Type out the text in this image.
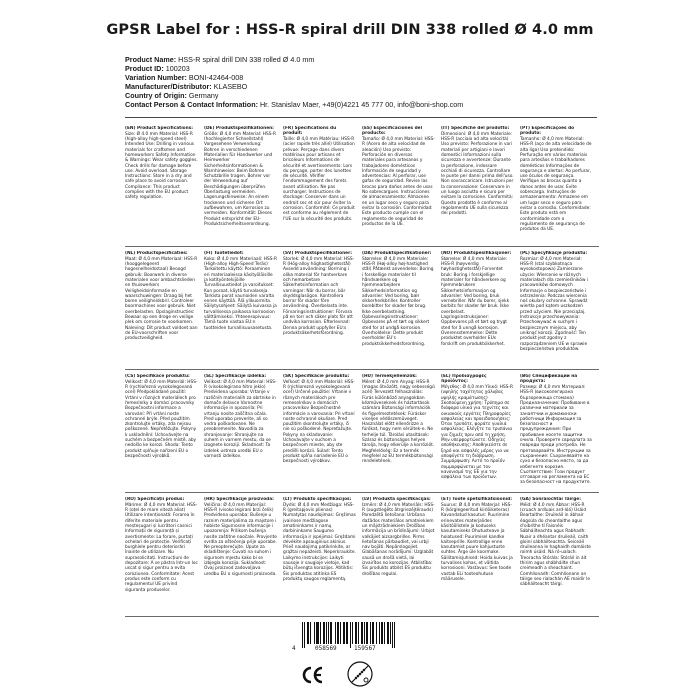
GPSR Label for : HSS-R spiral drill DIN 338 rolled Ø 4.0 mm
Product Name: HSS-R spiral drill DIN 338 rolled Ø 4.0 mm
Product ID: 100203
Variation Number: BONI-42464-008
Manufacturer/Distributor: KLASEBO
Country of Origin: Germany
Contact Person & Contact Information: Hr. Stanislav Maer, +49(0)4221 45 777 00, info@boni-shop.com
(EN) Product Specifications:
Size: Ø 4.0 mm Material: HSS-R (high-alloy high-speed steel) Intended Use: Drilling in various materials for craftsmen and homeworkers Safety Information & Warnings: Wear safety goggles. Check drills for damage before use. Avoid overload. Storage Instructions: Store in a dry and safe place to avoid corrosion. Compliance: This product complies with the EU product safety regulation.
(DE) Produktspezifikationen:
Größe: Ø 4,0 mm Material: HSS-R (hochlegierter Schnellstahl) Vorgesehene Verwendung: Bohren in verschiedenen Materialien für Handwerker und Heimwerker Sicherheitsinformationen & Warnhinweise: Beim Bohren Schutzbrille tragen. Bohrer vor der Verwendung auf Beschädigungen überprüfen. Überlastung vermeiden. Lagerungshinweise: An einem trockenen und sicheren Ort aufbewahren, um Korrosion zu vermeiden. Konformität: Dieses Produkt entspricht der EU-Produktsicherheitsverordnung.
(FR) Spécifications du produit:
Taille: Ø 4,0 mm Matériau: HSS-R (acier rapide très allié) Utilisation prévue: Perçage dans divers matériaux pour artisans et bricoleurs Informations de sécurité et avertissements: Lors du perçage, porter des lunettes de sécurité. Vérifier l'endommagement des forets avant utilisation. Ne pas surcharger. Instructions de stockage: Conserver dans un endroit sec et sûr pour éviter la corrosion. Conformité: Ce produit est conforme au règlement de l'UE sur la sécurité des produits.
(ES) Especificaciones del producto:
Tamaño: Ø 4,0 mm Material: HSS-R (Acero de alta velocidad de aleación) Uso previsto: Perforación en diversos materiales para artesanos y trabajadores domésticos Información de seguridad y advertencias: Al perforar, use gafas de seguridad. Revise las brocas para daños antes de usar. No sobrecargues. Instrucciones de almacenamiento: Almacene en un lugar seco y seguro para evitar la corrosión. Conformidad: Este producto cumple con el reglamento de seguridad de productos de la UE.
(IT) Specifiche del prodotto:
Dimensioni: Ø 4,0 mm Materiale: HSS-R (acciaio ad alta velocità) Uso previsto: Perforazione in vari materiali per artigiani e lavori domestici Informazioni sulla sicurezza e avvertenze: Durante la perforazione, indossare occhiali di sicurezza. Controllare le punte per danni prima dell'uso. Non sovraccaricare. Istruzioni per la conservazione: Conservare in un luogo asciutto e sicuro per evitare la corrosione. Conformità: Questo prodotto è conforme al regolamento UE sulla sicurezza dei prodotti.
(PT) Especificações do produto:
Tamanho: Ø 4,0 mm Material: HSS-R (aço de alta velocidade de alta liga) Uso pretendido: Perfuração em vários materiais para artesãos e trabalhadores domésticos Informações de segurança e alertas: Ao perfurar, use óculos de segurança. Verifique as brocas quanto a danos antes de usar. Evite sobrecarga. Instruções de armazenamento: Armazene em um lugar seco e seguro para evitar a corrosão. Conformidade: Este produto está em conformidade com o regulamento de segurança de produtos da UE.
(NL) Productspecificaties:
Maat: Ø 4,0 mm Materiaal: HSS-R (hooggelegeerd hogesnelheidsstaal) Beoogd gebruik: Boorwerk in diverse materialen voor ambachtslieden en thuiswerkers Veiligheidsinformatie en waarschuwingen: Draag bij het boren veiligheidsbril. Controleer boormachines voor gebruik. Niet overbelasten. Opslaginstructies: Bewaar op een droge en veilige plek om corrosie te voorkomen. Naleving: Dit product voldoet aan de EU-voorschriften voor productveiligheid.
(FI) Tuotetiedot:
Koko: Ø 4,0 mm Materiaali: HSS-R (High-alloy High-Speed Teräs) Tarkoitettu käyttö: Poraaminen eri materiaaleissa käsityöläisille ja kotityöntekijöille Turvallisuustiedot ja varoitukset: Kun poraat, käytä turvalaseja. Tarkista porat vaurioiden varalta ennen käyttöä. Älä ylikuormita. Säilytysohjeet: Säilytä kuivassa ja turvallisessa paikassa korroosion välttämiseksi. Yhteensopivuus: Tämä tuote vastaa EU:n tuotteiden turvallisuusasetusta.
(SV) Produktspecifikationer:
Storlek: Ø 4,0 mm Material: HSS-R (Hög-alloy höghastighetsstål) Avsedd användning: Borrning i olika material för hantverkare och hemarbetare Säkerhetsinformation och varningar: När du borrar, bär skyddsglasögon. Kontrollera borrar för skador före användning. Överbelasta inte. Förvaringsinstruktioner: Förvara på en torr och säker plats för att undvika korrosion. Efterlevnad: Denna produkt uppfyller EU:s produktsäkerhetsförordning.
(DA) Produktspecifikationer:
Størrelse: Ø 4,0 mm Materiale: HSS-R (Høj-alloy høj-hastighed stål) Påtænkt anvendelse: Boring i forskellige materialer til håndværkere og hjemmearbejdere Sikkerhedsinformation og advarsler: Ved boring, bær sikkerhedsbriller. Kontroller borebitter for skader før brug. Ikke overbelastning. Opbevaringsinstruktioner: Opbevares på et tørt og sikkert sted for at undgå korrosion. Overholdelse: Dette produkt overholder EU's produktsikkerhedsforordning.
(NO) Produktspesifikasjoner:
Størrelse: Ø 4,0 mm Materiale: HSS-R (høyverdig høyhastighetsstål) Forventet bruk: Boring i forskjellige materialer for håndverkere og hjemmebrukere Sikkerhetsinformasjon og advarsler: Ved boring, bruk vernebriller. Når du borer, sjekk borbits for skader før bruk. Ikke overbelast. Lagringsinstruksjoner: Oppbevares på et tørt og trygt sted for å unngå korrosjon. Overensstemmelse: Dette produktet overholder EUs forskrift om produktsikkerhet.
(PL) Specyfikacje produktu:
Rozmiar: Ø 4,0 mm Materiał: HSS-R (stal szybkotnąca wysokostopowa) Zamierzone użycie: Wiercenie w różnych materiałach dla rzemieślników i pracowników domowych Informacje o bezpieczeństwie i ostrzeżenia: Podczas wiercenia noś okulary ochronne. Sprawdź wiertła pod kątem uszkodzeń przed użyciem. Nie przeciążaj. Instrukcje przechowywania: Przechowywać w suchym i bezpiecznym miejscu, aby uniknąć korozji. Zgodność: Ten produkt jest zgodny z rozporządzeniem UE w sprawie bezpieczeństwa produktów.
(CS) Specifikace produktu:
Velikost: Ø 4,0 mm Materiál: HSS-R (rychlořezná vysokolegovaná ocel) Předpokládané použití: Vrtání v různých materiálech pro řemeslníky a domácí pracovníky Bezpečnostní informace a varování: Při vrtání noste ochranné brýle. Před použitím zkontrolujte vrtáky, zda nejsou poškozené. Nepřetěžujte. Pokyny k uskladnění: Uchovávejte na suchém a bezpečném místě, aby nedošlo ke korozi. Shoda: Tento produkt splňuje nařízení EU o bezpečnosti výrobků.
(SL) Specifikacije izdelka:
Velikost: Ø 4,0 mm Material: HSS-R (visokolegirano hitro jeklo) Predvidena uporaba: Vrtanje v različnih materialih za obrtnike in domače delavce Varnostne informacije in opozorila: Pri vrtanju nosite zaščitna očala. Pred uporabo preverite, ali so vedra poškodovane. Ne preobremenite. Navodila za shranjevanje: Shranjujte na suhem in varnem mestu, da se izognete koroziji. Skladnost: Ta izdelek ustreza uredbi EU o varnosti izdelkov.
(SK) Špecifikácie produktu:
Veľkosť: Ø 4,0 mm Materiál: HSS-R (rýchlorezná vysokolegovaná oceľ) Určené použitie: Vŕtanie v rôznych materiáloch pre remeselníkov a domácich pracovníkov Bezpečnostné informácie a varovania: Pri vŕtaní noste ochranné okuliare. Pred použitím skontrolujte vrtáky, či nie sú poškodené. Nepreťažujte. Pokyny na skladovanie: Uchovávajte v suchom a bezpečnom mieste, aby ste predišli korózii. Súlad: Tento produkt spĺňa nariadenie EÚ o bezpečnosti výrobkov.
(HU) Termékjellemzők:
Méret: Ø 4,0 mm Anyag: HSS-R (magas ötvözött, nagy sebességű acél) Tervezett felhasználás: Fúrás különböző anyagokban kézműveseknek és háztartások számára Biztonsági információk és figyelmeztetések: Fúráskor viseljen védőszemüveget. Használat előtt ellenőrizze a fúrókat, hogy nem sérültek-e. Ne terhelje túl. Tárolási utasítások: Száraz és biztonságos helyen tárolja, hogy elkerülje a korróziót. Megfelelőség: Ez a termék megfelel az EU termékbiztonsági rendeletének.
(EL) Προδιαγραφές προϊόντος:
Μέγεθος: Ø 4,0 mm Υλικό: HSS-R (υψηλής ταχύτητας χάλυβας υψηλής κραμάτωσης) Σκοπούμενη χρήση: Τρύπημα σε διάφορα υλικά για τεχνίτες και οικιακούς εργάτες Πληροφορίες ασφαλείας και προειδοποιήσεις: Όταν τρυπάτε, φοράτε γυαλιά ασφαλείας. Ελέγξτε τα τρυπάνια για ζημιές πριν από τη χρήση. Μην υπερφορτώνετε. Οδηγίες αποθήκευσης: Αποθηκεύστε σε ξηρό και ασφαλές μέρος για να αποφύγετε τη διάβρωση. Συμμόρφωση: Αυτό το προϊόν συμμορφώνεται με τον κανονισμό της ΕΕ για την ασφάλεια των προϊόντων.
(BG) Спецификации на продукта:
Размер: Ø 4,0 mm Материал: HSS-R (високолегирана бързорежеща стомана) Предназначение: Пробиване в различни материали за занаятчии и домакински работници Информация за безопасност и предупреждения: При пробиване носете защитни очила. Проверете свредлата за повреди преди употреба. Не претоварвайте. Инструкции за съхранение: Съхранявайте на сухо и безопасно място, за да избегнете корозия. Съответствие: Този продукт отговаря на регламента на ЕС за безопасност на продуктите.
(RO) Specificații produs:
Mărime: Ø 4,0 mm Material: HSS-R (oțel de mare viteză aliat) Utilizare intenționată: Forarea în diferite materiale pentru meșteșugari și lucrători casnici Informații de siguranță și avertismente: La forare, purtați ochelari de protecție. Verificați burghiele pentru deteriorări înainte de utilizare. Nu suprasolicitați. Instrucțiuni de depozitare: A se păstra într-un loc uscat și sigur pentru a evita coroziunea. Conformitate: Acest produs este conform cu regulamentul UE privind siguranța produselor.
(HR) Specifikacije proizvoda:
Veličina: Ø 4,0 mm Materijal: HSS-R (visoko legirani brzi čelik) Predviđena uporaba: Bušenje u raznim materijalima za majstore i hobiste Sigurnosne informacije i upozorenja: Prilikom bušenja nosite zaštitne naočale. Provjerite svrdla za oštećenja prije uporabe. Ne preopterećujte. Upute za skladištenje: Čuvati na suhom i sigurnom mjestu kako bi se izbjegla korozija. Sukladnost: Ovaj proizvod zadovoljava uredbu EU o sigurnosti proizvoda.
(LT) Produkto specifikacijos:
Dydis: Ø 4,0 mm Medžiaga: HSS-R (greitapjovis plienas) Numatytas naudojimas: Gręžimas įvairiose medžiagose amatininkams ir namų darbininkams Saugumo informacija ir įspėjimai: Gręždami dėvėkite apsauginius akinius. Prieš naudojimą patikrinkite, ar grąžtai nepažeisti. Neperkraukite. Laikymo instrukcijos: Laikyti sausoje ir saugioje vietoje, kad būtų išvengta korozijos. Atitiktis: Šis produktas atitinka ES produktų saugos reglamentą.
(LV) Produkta specifikācijas:
Izmērs: Ø 4,0 mm Materiāls: HSS-R (augstleģēts ātrgriezējtērauds) Paredzētā lietošana: Urbšana dažādos materiālos amatniekiem un mājstrādniekiem Drošības informācija un brīdinājumi: Urbjot valkājiet aizsargbrilles. Pirms lietošanas pārbaudiet, vai urbji nav bojāti. Nepārslogojiet. Glabāšanas norādījumi: Uzglabāt sausā un drošā vietā, lai izvairītos no korozijas. Atbilstība: Šis produkts atbilst ES produktu drošības regulai.
(ET) Toote spetsifikatsioonid:
Suurus: Ø 4,0 mm Materjal: HSS-R (kõrglegeeritud kiirlõiketeras) Kavandatud kasutus: Puurimine erinevates materjalides käsitöölistele ja koduseks kasutamiseks Ohutusteave ja hoiatused: Puurimisel kandke kaitseprille. Kontrollige enne kasutamist puure kahjustuste suhtes. Ärge üle koormake. Säilitamisjuhised: Hoida kuivas ja turvalises kohas, et vältida korrosiooni. Vastavus: See toode vastab ELi tooteohutuse määrusele.
(GA) Sonraíochtaí Táirge:
Méid: Ø 4.0 mm Ábhar: HSS-R (cruach ardluais ard-lóó) Úsáid Beartaithe: Druileáil in ábhair éagsúla do cheardaithe agus d'oibrithe tí Faisnéis Sábháilteachta agus Rabhadh: Nuair a dhéantar druileáil, caith gloiní sábháilteachta. Seiceáil druileanna le haghaidh damáiste roimh úsáid. Ná ró-ualach. Treoracha Stórála: Stóráil in áit thirim agus shábháilte chun creimeadh a sheachaint. Comhlíonadh: Comhlíonann an táirge seo rialachán AE maidir le sábháilteacht táirgí.
4	058569	159567
